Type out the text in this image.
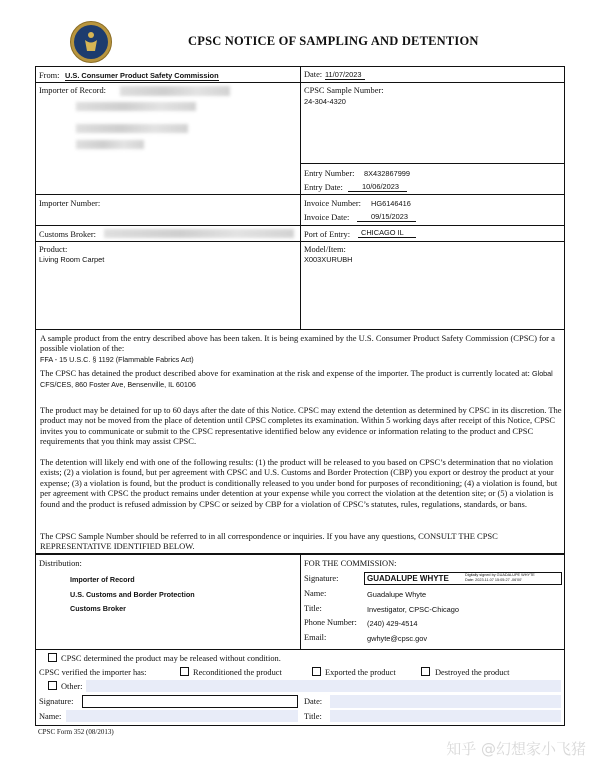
CPSC NOTICE OF SAMPLING AND DETENTION
From: U.S. Consumer Product Safety Commission	Date: 11/07/2023
Importer of Record:	CPSC Sample Number:
24-304-4320
Entry Number: 8X432867999
Entry Date:	10/06/2023
Importer Number:	Invoice Number: HG6146416
Invoice Date:	09/15/2023
Customs Broker:	Port of Entry:	CHICAGO IL
Product:
Living Room Carpet
Model/Item:
X003XURUBH
A sample product from the entry described above has been taken. It is being examined by the U.S. Consumer Product Safety Commission (CPSC) for a possible violation of the:
FFA - 15 U.S.C. § 1192 (Flammable Fabrics Act)
The CPSC has detained the product described above for examination at the risk and expense of the importer. The product is currently located at: Global CFS/CES, 860 Foster Ave, Bensenville, IL 60106
The product may be detained for up to 60 days after the date of this Notice. CPSC may extend the detention as determined by CPSC in its discretion. The product may not be moved from the place of detention until CPSC completes its examination. Within 5 working days after receipt of this Notice, CPSC invites you to communicate or submit to the CPSC representative identified below any evidence or information relating to the product and CPSC requirements that you think may assist CPSC.
The detention will likely end with one of the following results: (1) the product will be released to you based on CPSC’s determination that no violation exists; (2) a violation is found, but per agreement with CPSC and U.S. Customs and Border Protection (CBP) you export or destroy the product at your expense; (3) a violation is found, but the product is conditionally released to you under bond for purposes of reconditioning; (4) a violation is found, but per agreement with CPSC the product remains under detention at your expense while you correct the violation at the detention site; or (5) a violation is found and the product is refused admission by CPSC or seized by CBP for a violation of CPSC’s statutes, rules, regulations, standards, or bans.
The CPSC Sample Number should be referred to in all correspondence or inquiries. If you have any questions, CONSULT THE CPSC REPRESENTATIVE IDENTIFIED BELOW.
Distribution:
Importer of Record
U.S. Customs and Border Protection
Customs Broker
FOR THE COMMISSION:
Signature:	GUADALUPE WHYTE	Digitally signed by GUADALUPE WHYTE
Date: 2023.11.07 15:05:27 -06'00'
Name:	Guadalupe Whyte
Title:	Investigator, CPSC-Chicago
Phone Number: (240) 429-4514
Email:	gwhyte@cpsc.gov
CPSC determined the product may be released without condition.
CPSC verified the importer has:	Reconditioned the product	Exported the product	Destroyed the product
Other:
Signature:	Date:
Name:	Title:
CPSC Form 352 (08/2013)
知乎 @幻想家小飞猪
